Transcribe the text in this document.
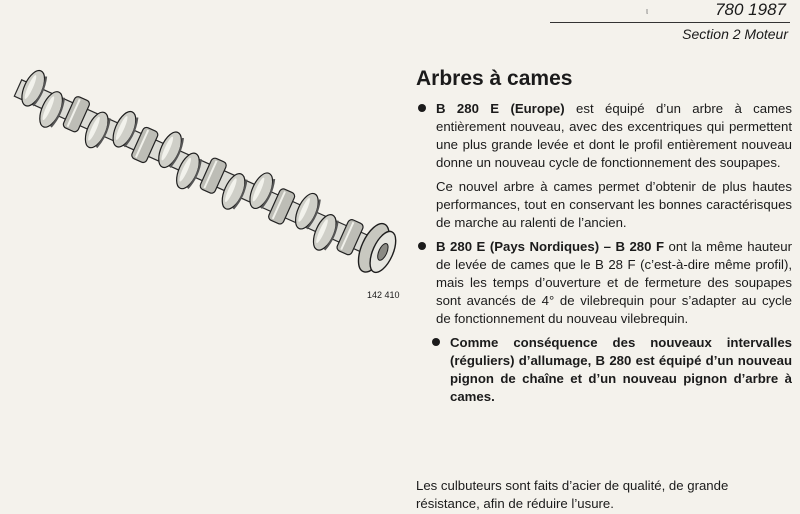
ι	780 1987
Section 2 Moteur
142 410
Arbres à cames
B 280 E (Europe) est équipé d’un arbre à cames entièrement nouveau, avec des excentriques qui permettent une plus grande levée et dont le profil entièrement nouveau donne un nouveau cycle de fonctionnement des soupapes.
Ce nouvel arbre à cames permet d’obtenir de plus hautes performances, tout en conservant les bonnes caractérisques de marche au ralenti de l’ancien.
B 280 E (Pays Nordiques) – B 280 F ont la même hauteur de levée de cames que le B 28 F (c’est-à-dire même profil), mais les temps d’ouverture et de fermeture des soupapes sont avancés de 4° de vilebrequin pour s’adapter au cycle de fonctionnement du nouveau vilebrequin.
Comme conséquence des nouveaux intervalles (réguliers) d’allumage, B 280 est équipé d’un nouveau pignon de chaîne et d’un nouveau pignon d’arbre à cames.
Les culbuteurs sont faits d’acier de qualité, de grande résistance, afin de réduire l’usure.
